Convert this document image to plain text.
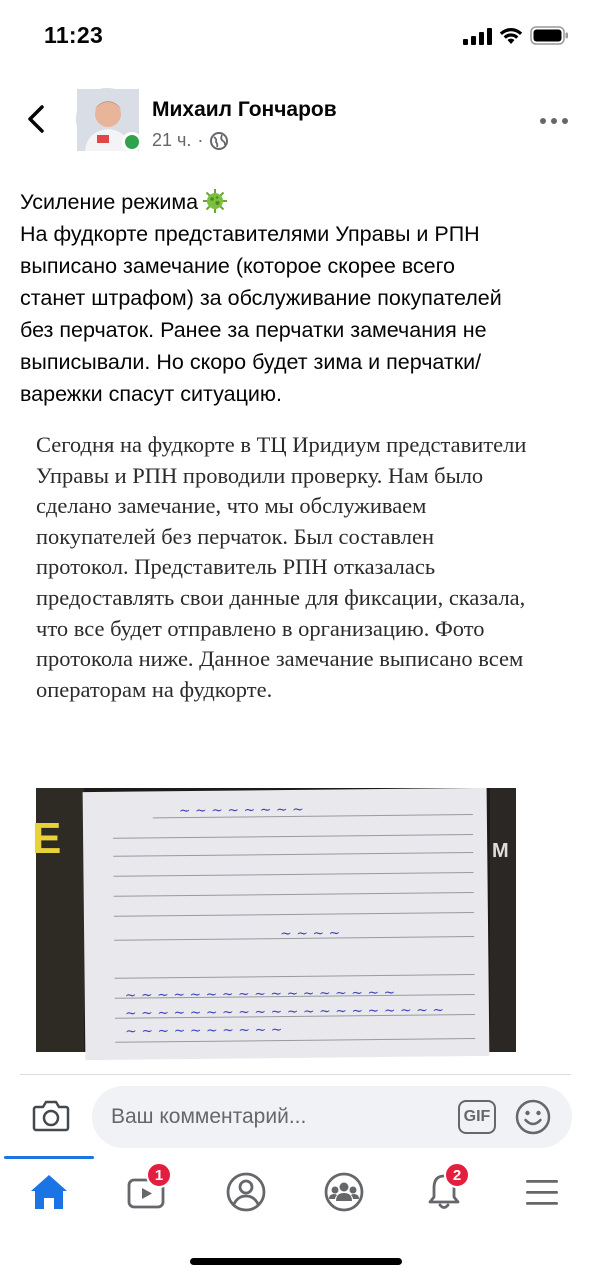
11:23
Михаил Гончаров
21 ч. ·

Усиление режима

На фудкорте представителями Управы и РПН

выписано замечание (которое скорее всего

станет штрафом) за обслуживание покупателей

без перчаток. Ранее за перчатки замечания не

выписывали. Но скоро будет зима и перчатки/

варежки спасут ситуацию.

Сегодня на фудкорте в ТЦ Иридиум представители
Управы и РПН проводили проверку. Нам было
сделано замечание, что мы обслуживаем
покупателей без перчаток. Был составлен
протокол. Представитель РПН отказалась
предоставлять свои данные для фиксации, сказала,
что все будет отправлено в организацию. Фото
протокола ниже. Данное замечание выписано всем
операторам на фудкорте.
E	M
~ ~ ~ ~ ~ ~ ~ ~
~ ~ ~ ~
~ ~ ~ ~ ~ ~ ~ ~ ~ ~ ~ ~ ~ ~ ~ ~ ~
~ ~ ~ ~ ~ ~ ~ ~ ~ ~ ~ ~ ~ ~ ~ ~ ~ ~ ~ ~
~ ~ ~ ~ ~ ~ ~ ~ ~ ~
Ваш комментарий...	GIF
1	2
